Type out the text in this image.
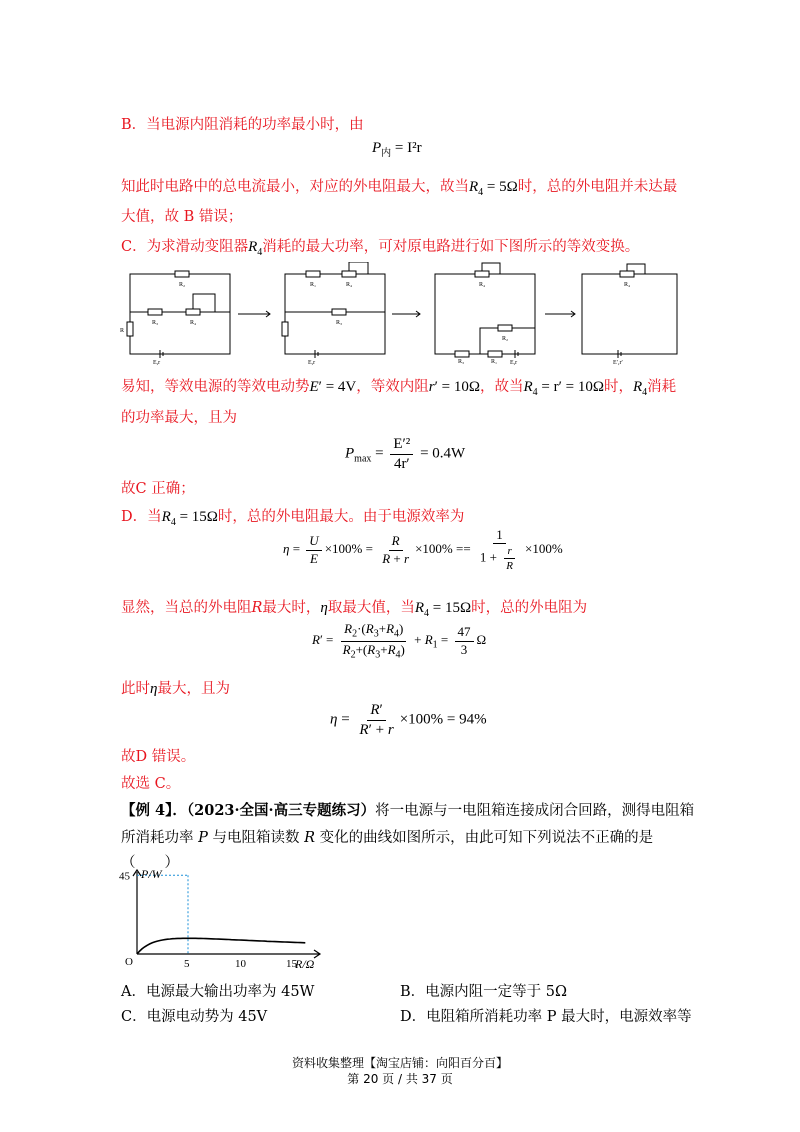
B．当电源内阻消耗的功率最小时，由
$P_内 = I^2r$
知此时电路中的总电流最小，对应的外电阻最大，故当$R_4 = 5\Omega$时，总的外电阻并未达最
大值，故 B 错误；
C．为求滑动变阻器$R_4$消耗的最大功率，可对原电路进行如下图所示的等效变换。
R₂
R₃	R₄
R
E,r
R₁	R₄
R₃
E,r
R₄
R₂
R₃	R₁ E,r
R₄
E′,r′
易知，等效电源的等效电动势E′ = 4V，等效内阻r′ = 10Ω，故当$R_4 = r' = 10\Omega$时，$R_4$消耗
的功率最大，且为
$P_{max} = \frac{\text{E′²}}{4r'} = 0.4W$
故C 正确；
D．当$R_4 = 15\Omega$时，总的外电阻最大。由于电源效率为
$\eta = \frac{U}{E} \times 100\% = \frac{R}{R + r} \times 100\% == \frac{1}{1 + \frac{r}{R}} \times 100\%$
显然，当总的外电阻R最大时，η取最大值，当$R_4 = 15\Omega$时，总的外电阻为
$R' = \frac{R_2\cdot(R_3+R_4)}{R_2+(R_3+R_4)} + R_1 = \frac{47}{3}$ Ω
此时η最大，且为
$\eta = \frac{R'}{R' + r} \times 100\% = 94\%$
故D 错误。
故选 C。
【例 4】．（2023·全国·高三专题练习）将一电源与一电阻箱连接成闭合回路，测得电阻箱
所消耗功率 P 与电阻箱读数 R 变化的曲线如图所示，由此可知下列说法不正确的是
（　　）
O	5	10	15
45 P/W
R/Ω
A．电源最大输出功率为 45W	B．电源内阻一定等于 5Ω
C．电源电动势为 45V	D．电阻箱所消耗功率 P 最大时，电源效率等
资料收集整理【淘宝店铺：向阳百分百】
第 20 页 / 共 37 页
